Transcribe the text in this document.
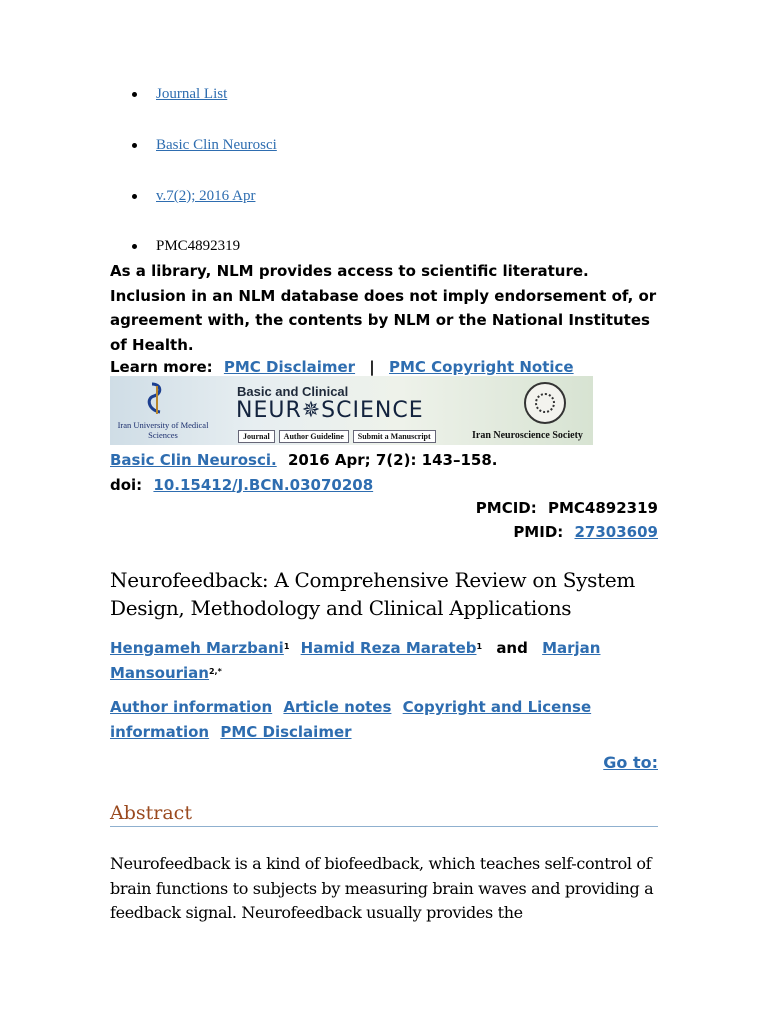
Journal List
Basic Clin Neurosci
v.7(2); 2016 Apr
PMC4892319
As a library, NLM provides access to scientific literature. Inclusion in an NLM database does not imply endorsement of, or agreement with, the contents by NLM or the National Institutes of Health.
Learn more: PMC Disclaimer | PMC Copyright Notice
Iran University of Medical Sciences
Basic and Clinical
NEUR✵SCIENCE
Journal	Author Guideline	Submit a Manuscript	Iran Neuroscience Society
Basic Clin Neurosci. 2016 Apr; 7(2): 143–158.
doi: 10.15412/J.BCN.03070208
PMCID: PMC4892319
PMID: 27303609
Neurofeedback: A Comprehensive Review on System Design, Methodology and Clinical Applications
Hengameh Marzbani$^1$ Hamid Reza Marateb$^1$ and Marjan Mansourian$^{2,*}$
Author information Article notes Copyright and License information PMC Disclaimer
Go to:
Abstract

Neurofeedback is a kind of biofeedback, which teaches self-control of brain functions to subjects by measuring brain waves and providing a feedback signal. Neurofeedback usually provides the
